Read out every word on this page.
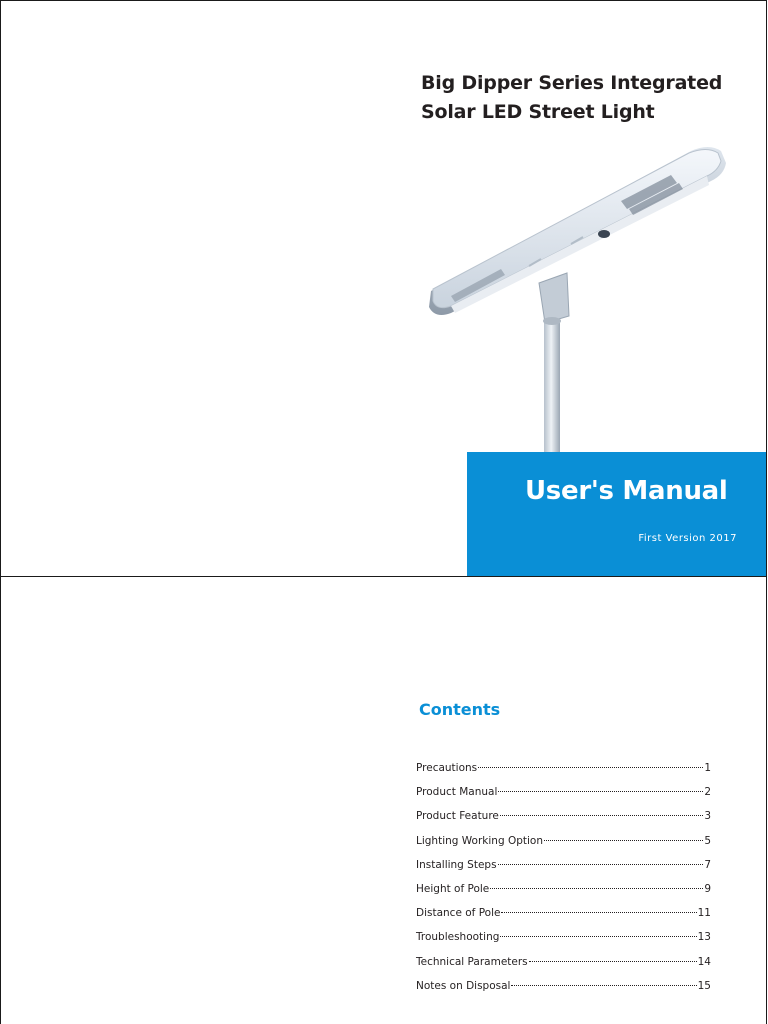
Big Dipper Series Integrated
Solar LED Street Light
User's Manual
First Version 2017
Contents
Precautions	1
Product Manual	2
Product Feature	3
Lighting Working Option	5
Installing Steps	7
Height of Pole	9
Distance of Pole	11
Troubleshooting	13
Technical Parameters	14
Notes on Disposal	15
